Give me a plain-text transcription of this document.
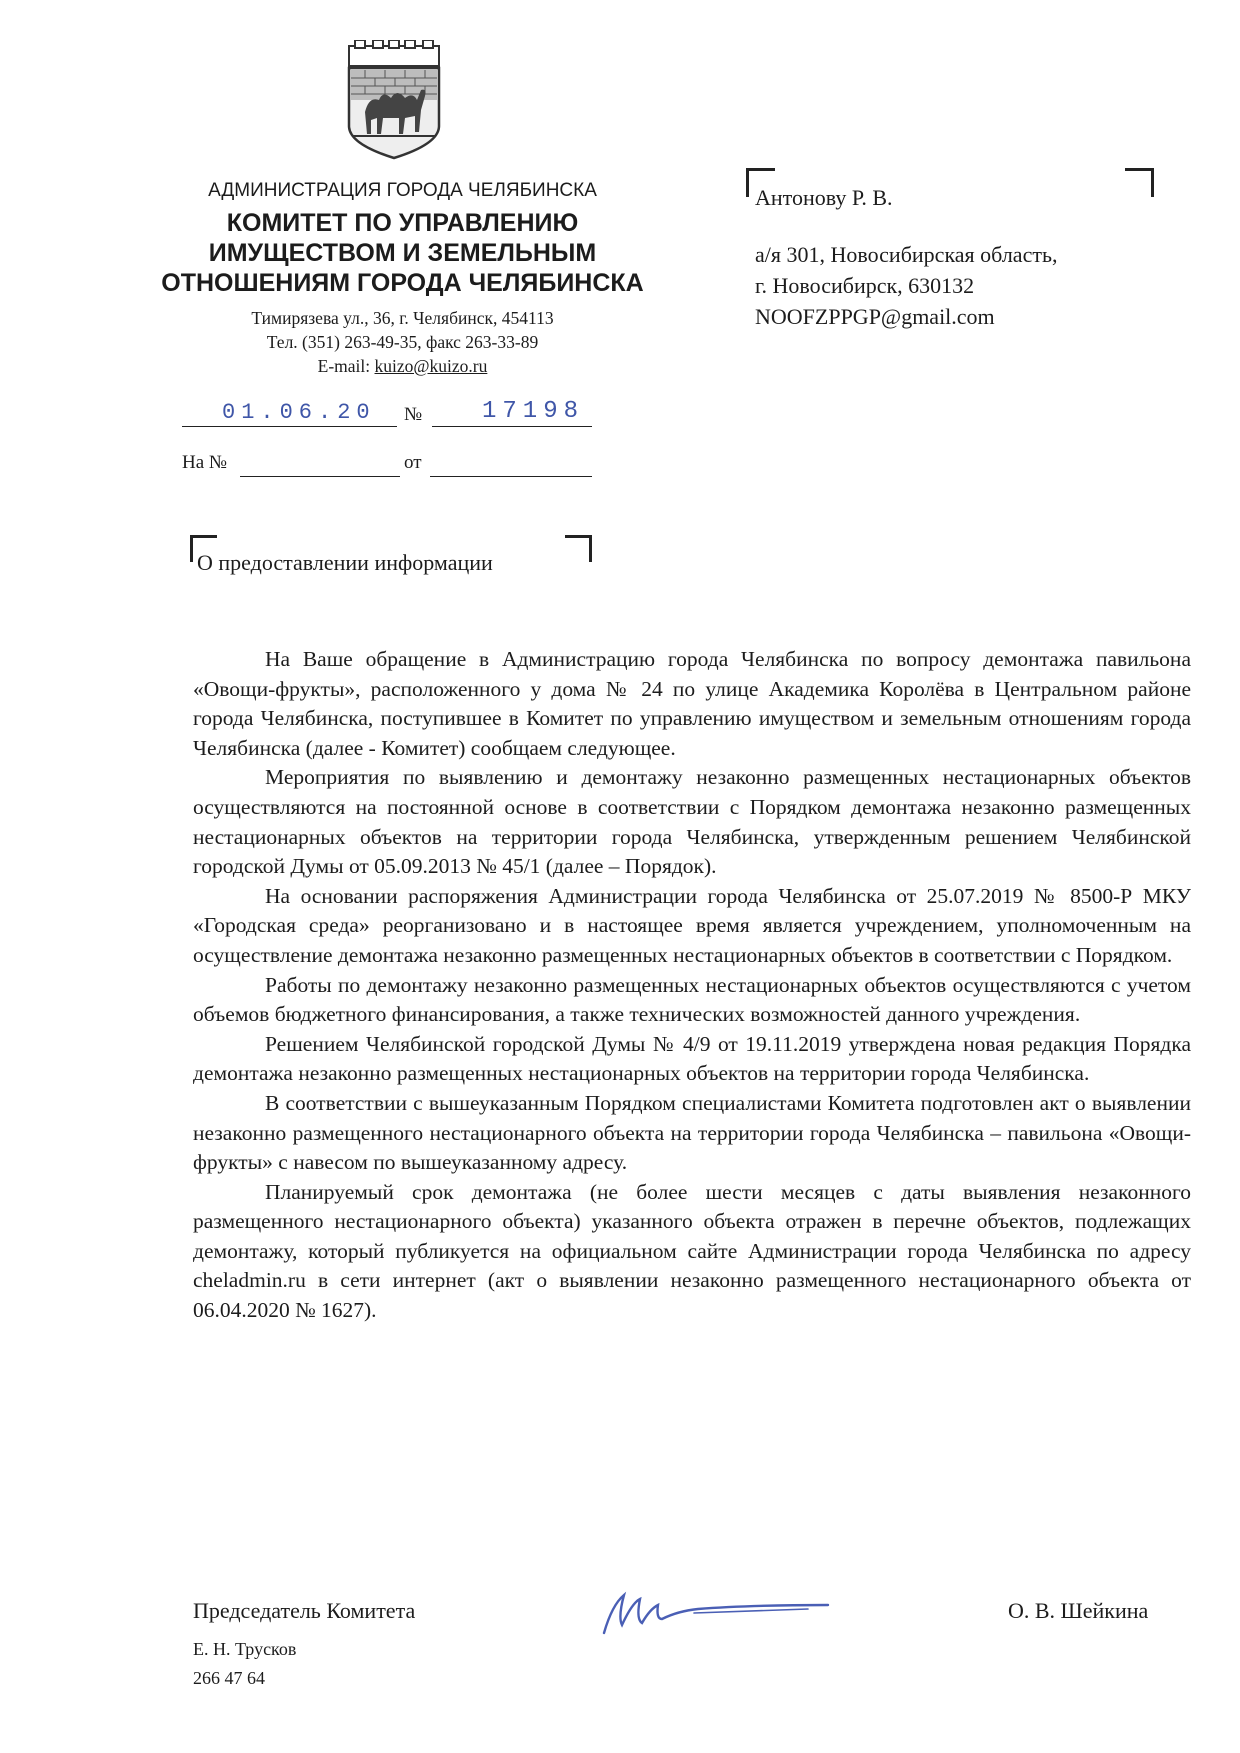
АДМИНИСТРАЦИЯ ГОРОДА ЧЕЛЯБИНСКА
КОМИТЕТ ПО УПРАВЛЕНИЮ
ИМУЩЕСТВОМ И ЗЕМЕЛЬНЫМ
ОТНОШЕНИЯМ ГОРОДА ЧЕЛЯБИНСКА
Тимирязева ул., 36, г. Челябинск, 454113
Тел. (351) 263-49-35, факс 263-33-89
E-mail: kuizo@kuizo.ru
01.06.20 № 17198
На №	от
Антонову Р. В.
а/я 301, Новосибирская область,
г. Новосибирск, 630132
NOOFZPPGP@gmail.com
О предоставлении информации

На Ваше обращение в Администрацию города Челябинска по вопросу демонтажа павильона «Овощи-фрукты», расположенного у дома № 24 по улице Академика Королёва в Центральном районе города Челябинска, поступившее в Комитет по управлению имуществом и земельным отношениям города Челябинска (далее - Комитет) сообщаем следующее.

Мероприятия по выявлению и демонтажу незаконно размещенных нестационарных объектов осуществляются на постоянной основе в соответствии с Порядком демонтажа незаконно размещенных нестационарных объектов на территории города Челябинска, утвержденным решением Челябинской городской Думы от 05.09.2013 № 45/1 (далее – Порядок).

На основании распоряжения Администрации города Челябинска от 25.07.2019 № 8500-Р МКУ «Городская среда» реорганизовано и в настоящее время является учреждением, уполномоченным на осуществление демонтажа незаконно размещенных нестационарных объектов в соответствии с Порядком.

Работы по демонтажу незаконно размещенных нестационарных объектов осуществляются с учетом объемов бюджетного финансирования, а также технических возможностей данного учреждения.

Решением Челябинской городской Думы № 4/9 от 19.11.2019 утверждена новая редакция Порядка демонтажа незаконно размещенных нестационарных объектов на территории города Челябинска.

В соответствии с вышеуказанным Порядком специалистами Комитета подготовлен акт о выявлении незаконно размещенного нестационарного объекта на территории города Челябинска – павильона «Овощи-фрукты» с навесом по вышеуказанному адресу.

Планируемый срок демонтажа (не более шести месяцев с даты выявления незаконного размещенного нестационарного объекта) указанного объекта отражен в перечне объектов, подлежащих демонтажу, который публикуется на официальном сайте Администрации города Челябинска по адресу cheladmin.ru в сети интернет (акт о выявлении незаконно размещенного нестационарного объекта от 06.04.2020 № 1627).

Председатель Комитета	О. В. Шейкина
Е. Н. Трусков
266 47 64
